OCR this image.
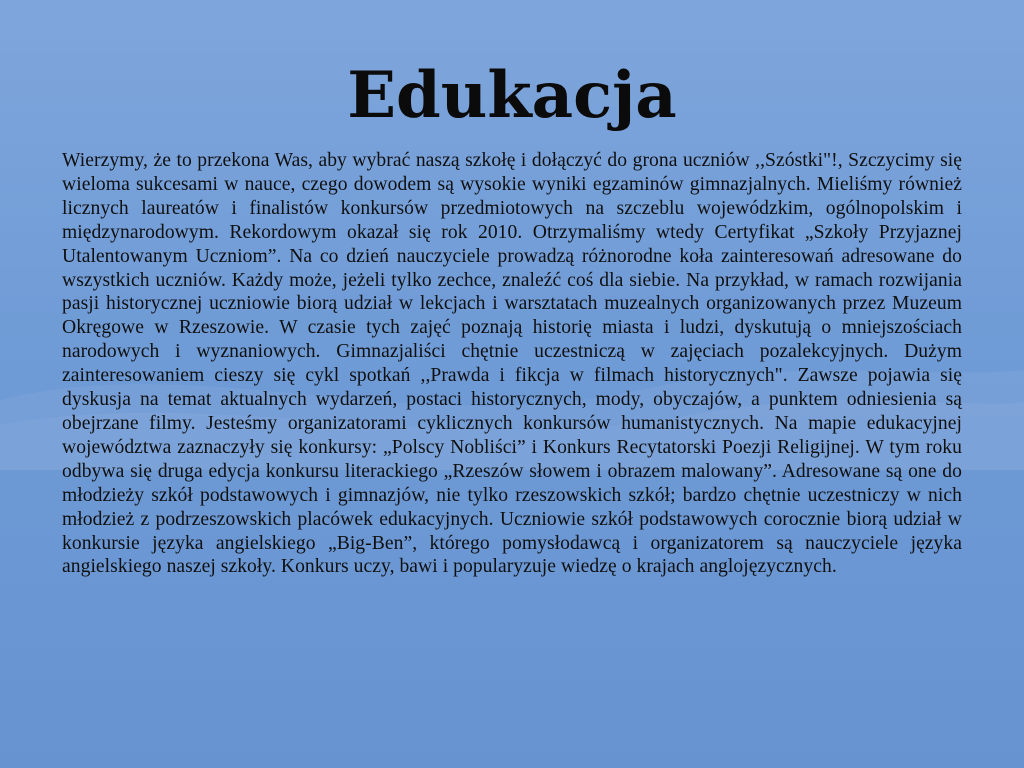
Edukacja

Wierzymy, że to przekona Was, aby wybrać naszą szkołę i dołączyć do grona uczniów ,,Szóstki"!, Szczycimy się wieloma sukcesami w nauce, czego dowodem są wysokie wyniki egzaminów gimnazjalnych. Mieliśmy również licznych laureatów i finalistów konkursów przedmiotowych na szczeblu wojewódzkim, ogólnopolskim i międzynarodowym. Rekordowym okazał się rok 2010. Otrzymaliśmy wtedy Certyfikat „Szkoły Przyjaznej Utalentowanym Uczniom”. Na co dzień nauczyciele prowadzą różnorodne koła zainteresowań adresowane do wszystkich uczniów. Każdy może, jeżeli tylko zechce, znaleźć coś dla siebie. Na przykład, w ramach rozwijania pasji historycznej uczniowie biorą udział w lekcjach i warsztatach muzealnych organizowanych przez Muzeum Okręgowe w Rzeszowie. W czasie tych zajęć poznają historię miasta i ludzi, dyskutują o mniejszościach narodowych i wyznaniowych. Gimnazjaliści chętnie uczestniczą w zajęciach pozalekcyjnych. Dużym zainteresowaniem cieszy się cykl spotkań ,,Prawda i fikcja w filmach historycznych". Zawsze pojawia się dyskusja na temat aktualnych wydarzeń, postaci historycznych, mody, obyczajów, a punktem odniesienia są obejrzane filmy. Jesteśmy organizatorami cyklicznych konkursów humanistycznych. Na mapie edukacyjnej województwa zaznaczyły się konkursy: „Polscy Nobliści” i Konkurs Recytatorski Poezji Religijnej. W tym roku odbywa się druga edycja konkursu literackiego „Rzeszów słowem i obrazem malowany”. Adresowane są one do młodzieży szkół podstawowych i gimnazjów, nie tylko rzeszowskich szkół; bardzo chętnie uczestniczy w nich młodzież z podrzeszowskich placówek edukacyjnych. Uczniowie szkół podstawowych corocznie biorą udział w konkursie języka angielskiego „Big-Ben”, którego pomysłodawcą i organizatorem są nauczyciele języka angielskiego naszej szkoły. Konkurs uczy, bawi i popularyzuje wiedzę o krajach anglojęzycznych.
